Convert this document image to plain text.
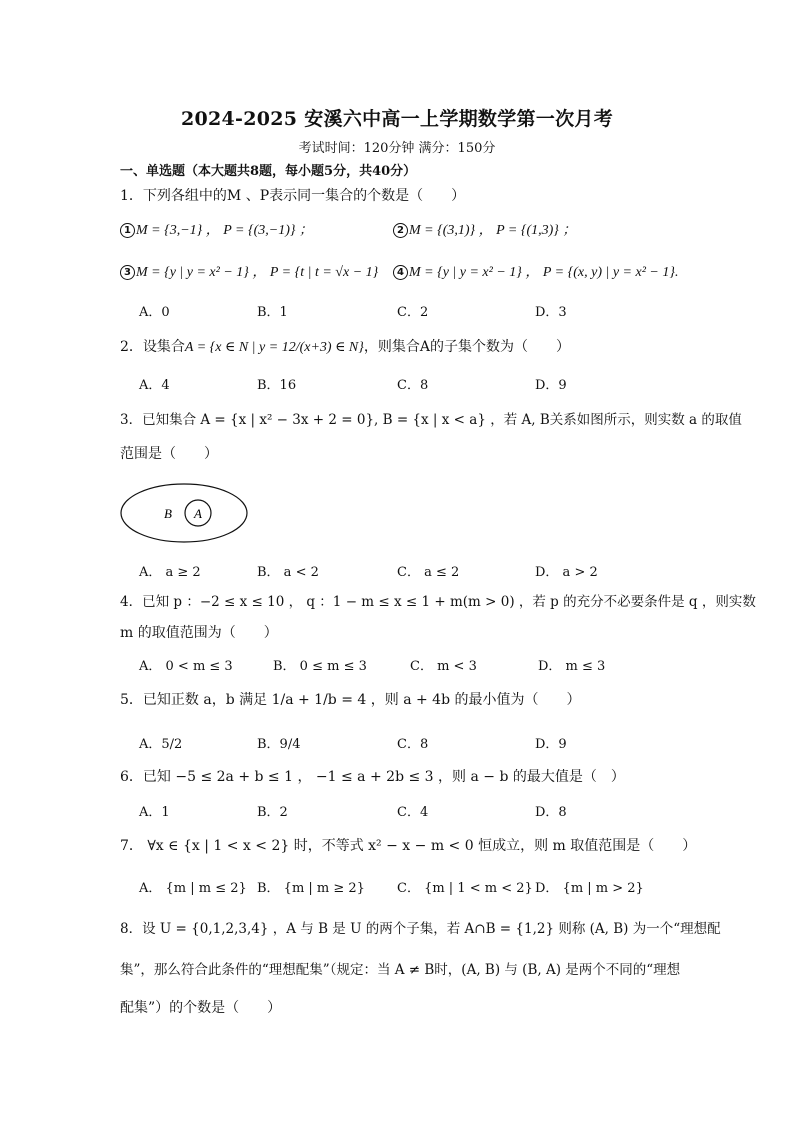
2024-2025 安溪六中高一上学期数学第一次月考
考试时间：120分钟 满分：150分
一、单选题（本大题共8题，每小题5分，共40分）
1．下列各组中的M 、P表示同一集合的个数是（　　）
1 M = {3,−1} ， P = {(3,−1)} ；	2 M = {(3,1)} ， P = {(1,3)} ；
3 M = {y | y = x² − 1} ， P = {t | t = √x − 1}	4 M = {y | y = x² − 1} ， P = {(x, y) | y = x² − 1}.
A．0	B．1	C．2	D．3
2．设集合A = {x ∈ N | y = 12/(x+3) ∈ N}，则集合A的子集个数为（　　）
A．4	B．16	C．8	D．9
3．已知集合 A = {x | x² − 3x + 2 = 0}, B = {x | x < a} ，若 A, B关系如图所示，则实数 a 的取值
范围是（　　）
B A
A． a ≥ 2	B． a < 2	C． a ≤ 2	D． a > 2
4．已知 p ：−2 ≤ x ≤ 10 ， q ：1 − m ≤ x ≤ 1 + m(m > 0) ，若 p 的充分不必要条件是 q ，则实数
m 的取值范围为（　　）
A． 0 < m ≤ 3	B． 0 ≤ m ≤ 3	C． m < 3	D． m ≤ 3
5．已知正数 a，b 满足 1/a + 1/b = 4 ，则 a + 4b 的最小值为（　　）
A．5/2	B．9/4	C．8	D．9
6．已知 −5 ≤ 2a + b ≤ 1 ， −1 ≤ a + 2b ≤ 3 ，则 a − b 的最大值是（　）
A．1	B．2	C．4	D．8
7． ∀x ∈ {x | 1 < x < 2} 时，不等式 x² − x − m < 0 恒成立，则 m 取值范围是（　　）
A． {m | m ≤ 2} B． {m | m ≥ 2} C． {m | 1 < m < 2} D． {m | m > 2}
8．设 U = {0,1,2,3,4} ，A 与 B 是 U 的两个子集，若 A∩B = {1,2} 则称 (A, B) 为一个“理想配
集”，那么符合此条件的“理想配集”（规定：当 A ≠ B时，(A, B) 与 (B, A) 是两个不同的“理想
配集”）的个数是（　　）
